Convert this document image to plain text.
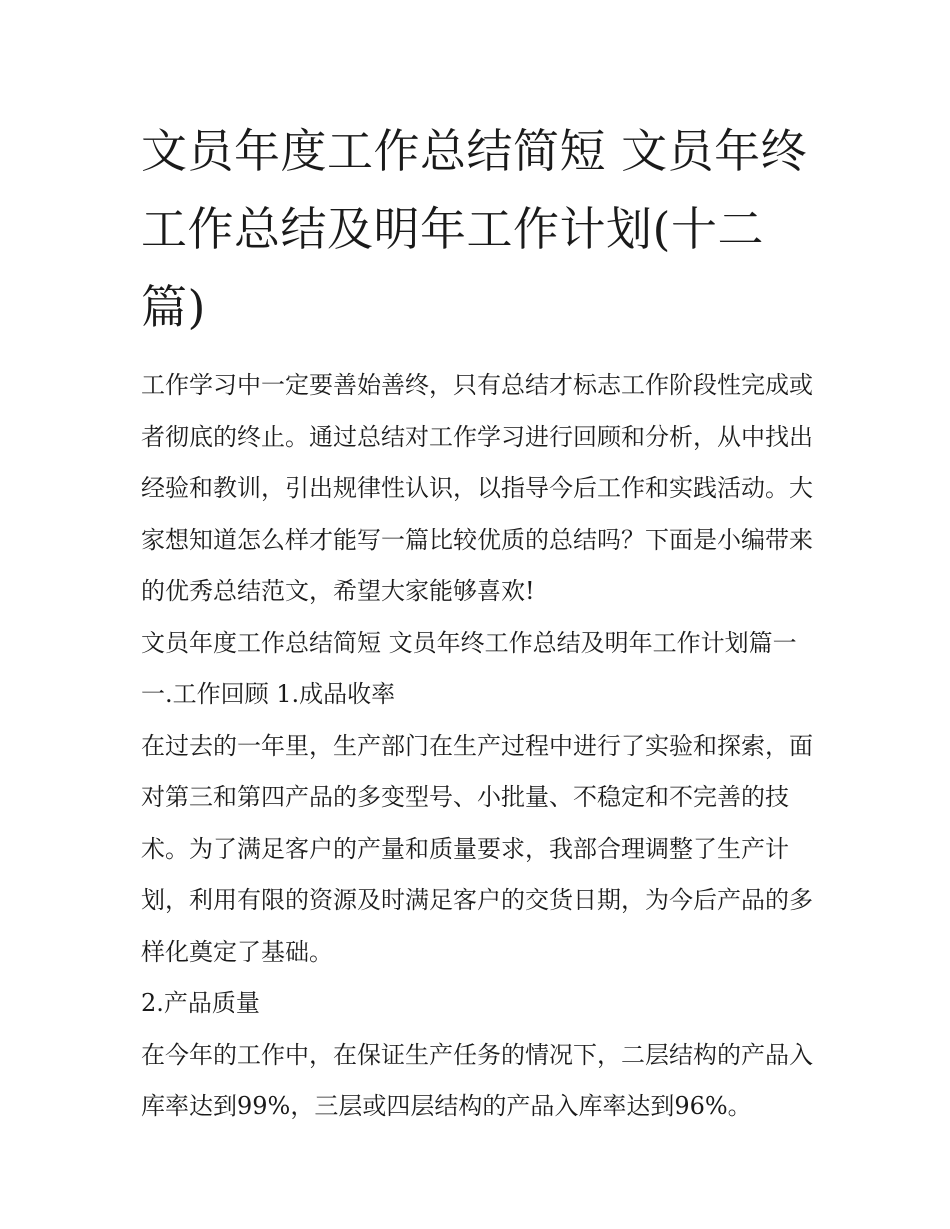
文员年度工作总结简短 文员年终工作总结及明年工作计划(十二篇)

工作学习中一定要善始善终，只有总结才标志工作阶段性完成或者彻底的终止。通过总结对工作学习进行回顾和分析，从中找出经验和教训，引出规律性认识，以指导今后工作和实践活动。大家想知道怎么样才能写一篇比较优质的总结吗？下面是小编带来的优秀总结范文，希望大家能够喜欢!

文员年度工作总结简短 文员年终工作总结及明年工作计划篇一 一.工作回顾 1.成品收率

在过去的一年里，生产部门在生产过程中进行了实验和探索，面对第三和第四产品的多变型号、小批量、不稳定和不完善的技术。为了满足客户的产量和质量要求，我部合理调整了生产计划，利用有限的资源及时满足客户的交货日期，为今后产品的多样化奠定了基础。

2.产品质量

在今年的工作中，在保证生产任务的情况下，二层结构的产品入库率达到99%，三层或四层结构的产品入库率达到96%。
